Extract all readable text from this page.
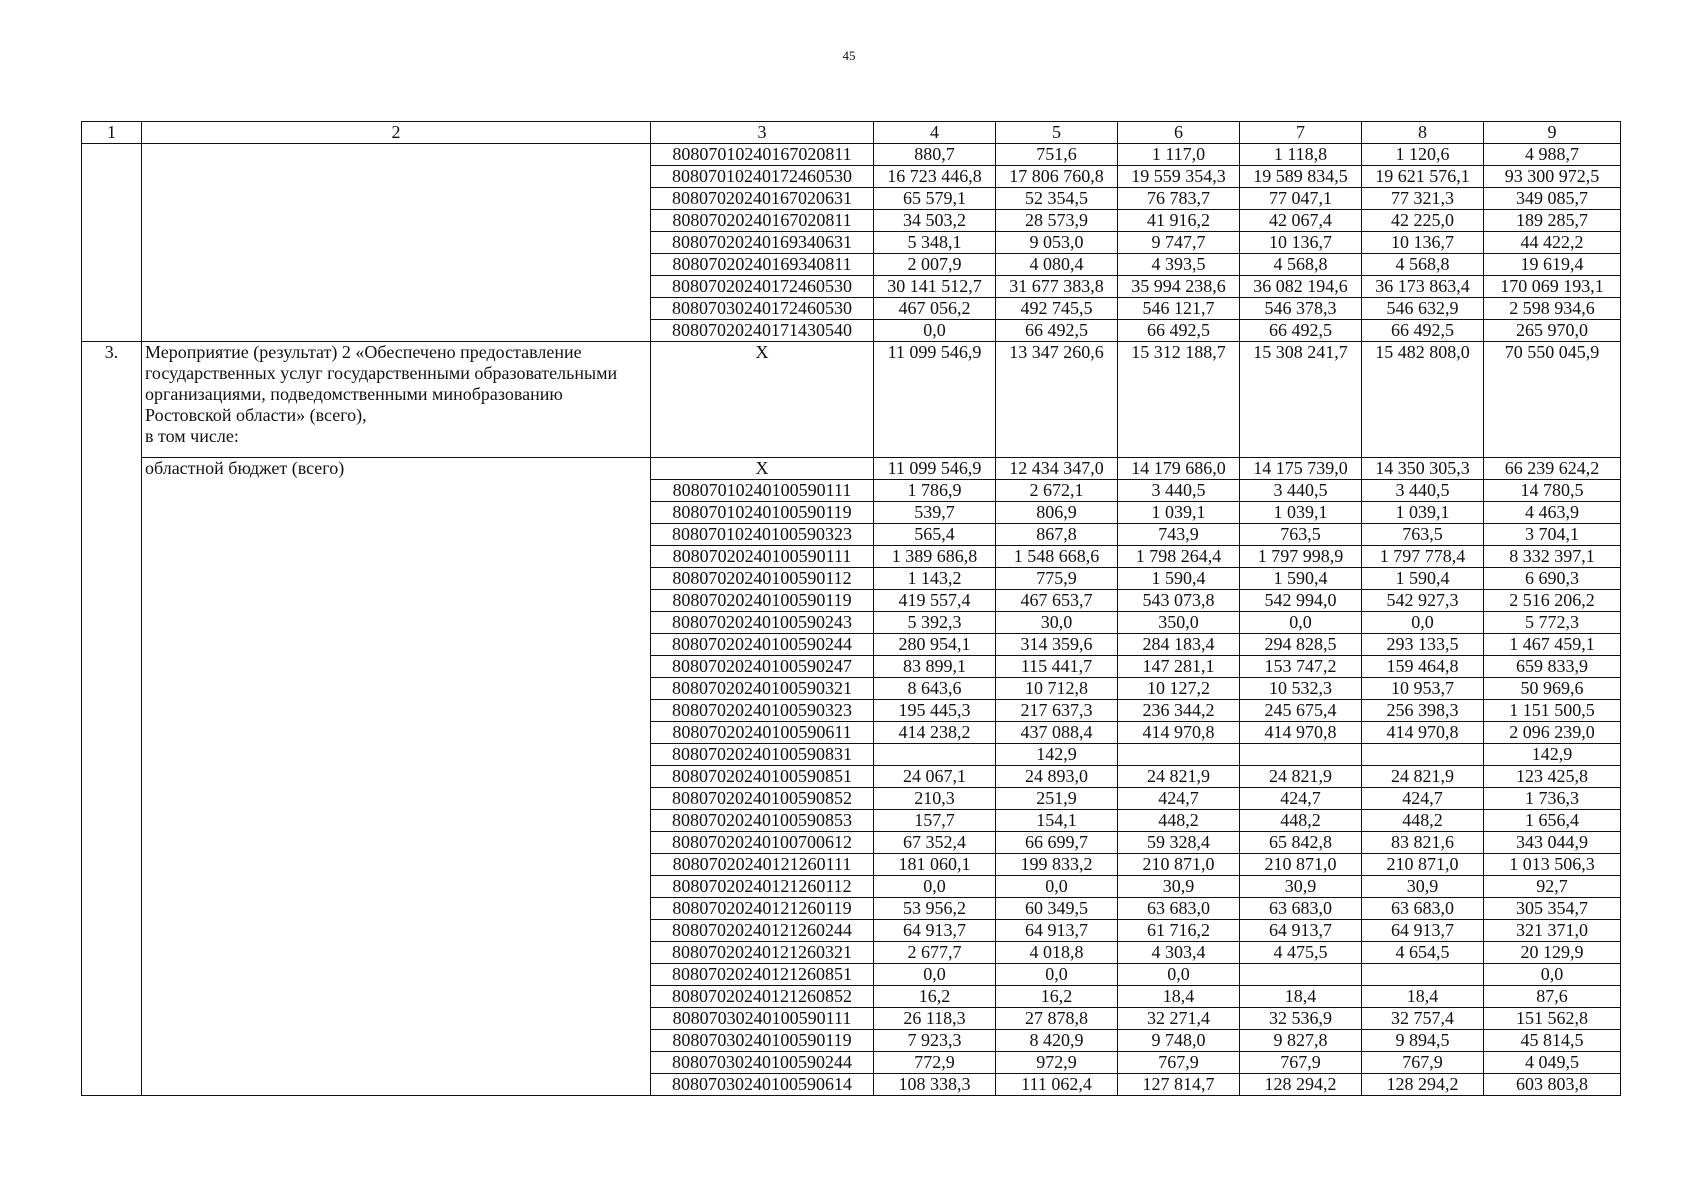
45
1	2	3	4	5	6	7	8	9
		80807010240167020811	880,7	751,6	1 117,0	1 118,8	1 120,6	4 988,7
		80807010240172460530	16 723 446,8	17 806 760,8	19 559 354,3	19 589 834,5	19 621 576,1	93 300 972,5
		80807020240167020631	65 579,1	52 354,5	76 783,7	77 047,1	77 321,3	349 085,7
		80807020240167020811	34 503,2	28 573,9	41 916,2	42 067,4	42 225,0	189 285,7
		80807020240169340631	5 348,1	9 053,0	9 747,7	10 136,7	10 136,7	44 422,2
		80807020240169340811	2 007,9	4 080,4	4 393,5	4 568,8	4 568,8	19 619,4
		80807020240172460530	30 141 512,7	31 677 383,8	35 994 238,6	36 082 194,6	36 173 863,4	170 069 193,1
		80807030240172460530	467 056,2	492 745,5	546 121,7	546 378,3	546 632,9	2 598 934,6
		80807020240171430540	0,0	66 492,5	66 492,5	66 492,5	66 492,5	265 970,0
3.	Мероприятие (результат) 2 «Обеспечено предоставление государственных услуг государственными образовательными организациями, подведомственными минобразованию Ростовской области» (всего),
в том числе:	X	11 099 546,9	13 347 260,6	15 312 188,7	15 308 241,7	15 482 808,0	70 550 045,9
	областной бюджет (всего)	X	11 099 546,9	12 434 347,0	14 179 686,0	14 175 739,0	14 350 305,3	66 239 624,2
		80807010240100590111	1 786,9	2 672,1	3 440,5	3 440,5	3 440,5	14 780,5
		80807010240100590119	539,7	806,9	1 039,1	1 039,1	1 039,1	4 463,9
		80807010240100590323	565,4	867,8	743,9	763,5	763,5	3 704,1
		80807020240100590111	1 389 686,8	1 548 668,6	1 798 264,4	1 797 998,9	1 797 778,4	8 332 397,1
		80807020240100590112	1 143,2	775,9	1 590,4	1 590,4	1 590,4	6 690,3
		80807020240100590119	419 557,4	467 653,7	543 073,8	542 994,0	542 927,3	2 516 206,2
		80807020240100590243	5 392,3	30,0	350,0	0,0	0,0	5 772,3
		80807020240100590244	280 954,1	314 359,6	284 183,4	294 828,5	293 133,5	1 467 459,1
		80807020240100590247	83 899,1	115 441,7	147 281,1	153 747,2	159 464,8	659 833,9
		80807020240100590321	8 643,6	10 712,8	10 127,2	10 532,3	10 953,7	50 969,6
		80807020240100590323	195 445,3	217 637,3	236 344,2	245 675,4	256 398,3	1 151 500,5
		80807020240100590611	414 238,2	437 088,4	414 970,8	414 970,8	414 970,8	2 096 239,0
		80807020240100590831		142,9				142,9
		80807020240100590851	24 067,1	24 893,0	24 821,9	24 821,9	24 821,9	123 425,8
		80807020240100590852	210,3	251,9	424,7	424,7	424,7	1 736,3
		80807020240100590853	157,7	154,1	448,2	448,2	448,2	1 656,4
		80807020240100700612	67 352,4	66 699,7	59 328,4	65 842,8	83 821,6	343 044,9
		80807020240121260111	181 060,1	199 833,2	210 871,0	210 871,0	210 871,0	1 013 506,3
		80807020240121260112	0,0	0,0	30,9	30,9	30,9	92,7
		80807020240121260119	53 956,2	60 349,5	63 683,0	63 683,0	63 683,0	305 354,7
		80807020240121260244	64 913,7	64 913,7	61 716,2	64 913,7	64 913,7	321 371,0
		80807020240121260321	2 677,7	4 018,8	4 303,4	4 475,5	4 654,5	20 129,9
		80807020240121260851	0,0	0,0	0,0			0,0
		80807020240121260852	16,2	16,2	18,4	18,4	18,4	87,6
		80807030240100590111	26 118,3	27 878,8	32 271,4	32 536,9	32 757,4	151 562,8
		80807030240100590119	7 923,3	8 420,9	9 748,0	9 827,8	9 894,5	45 814,5
		80807030240100590244	772,9	972,9	767,9	767,9	767,9	4 049,5
		80807030240100590614	108 338,3	111 062,4	127 814,7	128 294,2	128 294,2	603 803,8
